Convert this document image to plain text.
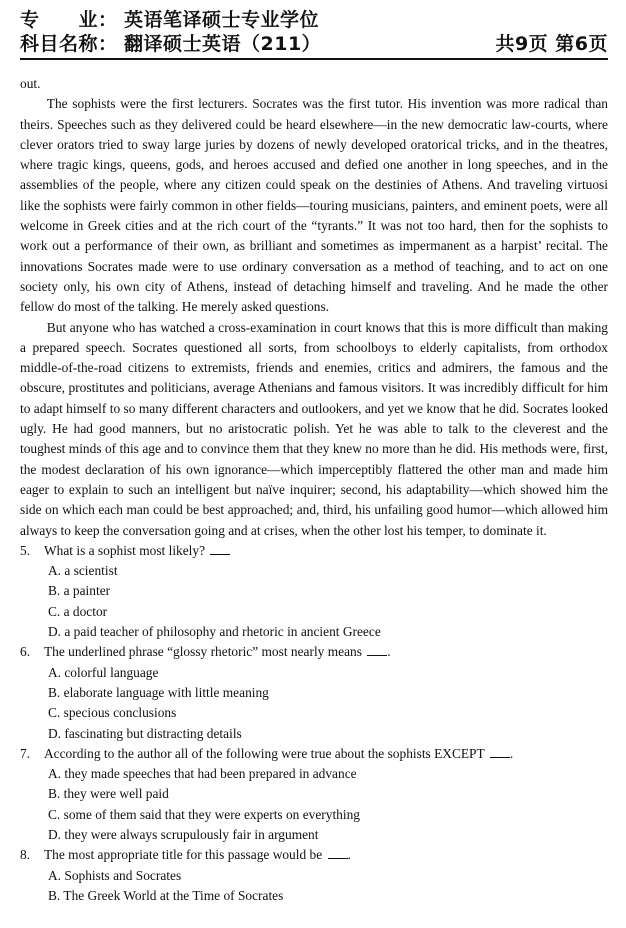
专　　业： 英语笔译硕士专业学位
科目名称： 翻译硕士英语（211）	共9页 第6页

out.

The sophists were the first lecturers. Socrates was the first tutor. His invention was more radical than theirs. Speeches such as they delivered could be heard elsewhere—in the new democratic law-courts, where clever orators tried to sway large juries by dozens of newly developed oratorical tricks, and in the theatres, where tragic kings, queens, gods, and heroes accused and defied one another in long speeches, and in the assemblies of the people, where any citizen could speak on the destinies of Athens. And traveling virtuosi like the sophists were fairly common in other fields—touring musicians, painters, and eminent poets, were all welcome in Greek cities and at the rich court of the “tyrants.” It was not too hard, then for the sophists to work out a performance of their own, as brilliant and sometimes as impermanent as a harpist’ recital. The innovations Socrates made were to use ordinary conversation as a method of teaching, and to act on one society only, his own city of Athens, instead of detaching himself and traveling. And he made the other fellow do most of the talking. He merely asked questions.

But anyone who has watched a cross-examination in court knows that this is more difficult than making a prepared speech. Socrates questioned all sorts, from schoolboys to elderly capitalists, from orthodox middle-of-the-road citizens to extremists, friends and enemies, critics and admirers, the famous and the obscure, prostitutes and politicians, average Athenians and famous visitors. It was incredibly difficult for him to adapt himself to so many different characters and outlookers, and yet we know that he did. Socrates looked ugly. He had good manners, but no aristocratic polish. Yet he was able to talk to the cleverest and the toughest minds of this age and to convince them that they knew no more than he did. His methods were, first, the modest declaration of his own ignorance—which imperceptibly flattered the other man and made him eager to explain to such an intelligent but naïve inquirer; second, his adaptability—which showed him the side on which each man could be best approached; and, third, his unfailing good humor—which allowed him always to keep the conversation going and at crises, when the other lost his temper, to dominate it.

5.	What is a sophist most likely?
A. a scientist
B. a painter
C. a doctor
D. a paid teacher of philosophy and rhetoric in ancient Greece
6.	The underlined phrase “glossy rhetoric” most nearly means .
A. colorful language
B. elaborate language with little meaning
C. specious conclusions
D. fascinating but distracting details
7.	According to the author all of the following were true about the sophists EXCEPT .
A. they made speeches that had been prepared in advance
B. they were well paid
C. some of them said that they were experts on everything
D. they were always scrupulously fair in argument
8.	The most appropriate title for this passage would be .
A. Sophists and Socrates
B. The Greek World at the Time of Socrates
